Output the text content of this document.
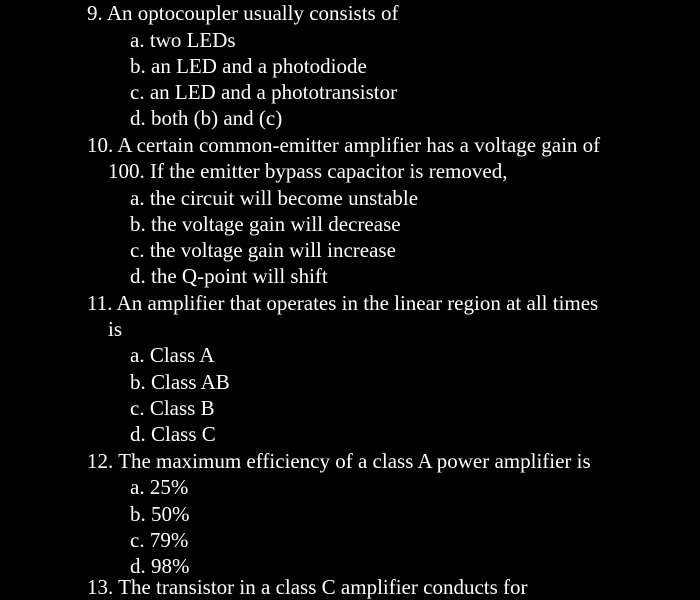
9. An optocoupler usually consists of
a. two LEDs
b. an LED and a photodiode
c. an LED and a phototransistor
d. both (b) and (c)
10. A certain common-emitter amplifier has a voltage gain of
100. If the emitter bypass capacitor is removed,
a. the circuit will become unstable
b. the voltage gain will decrease
c. the voltage gain will increase
d. the Q-point will shift
11. An amplifier that operates in the linear region at all times
is
a. Class A
b. Class AB
c. Class B
d. Class C
12. The maximum efficiency of a class A power amplifier is
a. 25%
b. 50%
c. 79%
d. 98%
13. The transistor in a class C amplifier conducts for
